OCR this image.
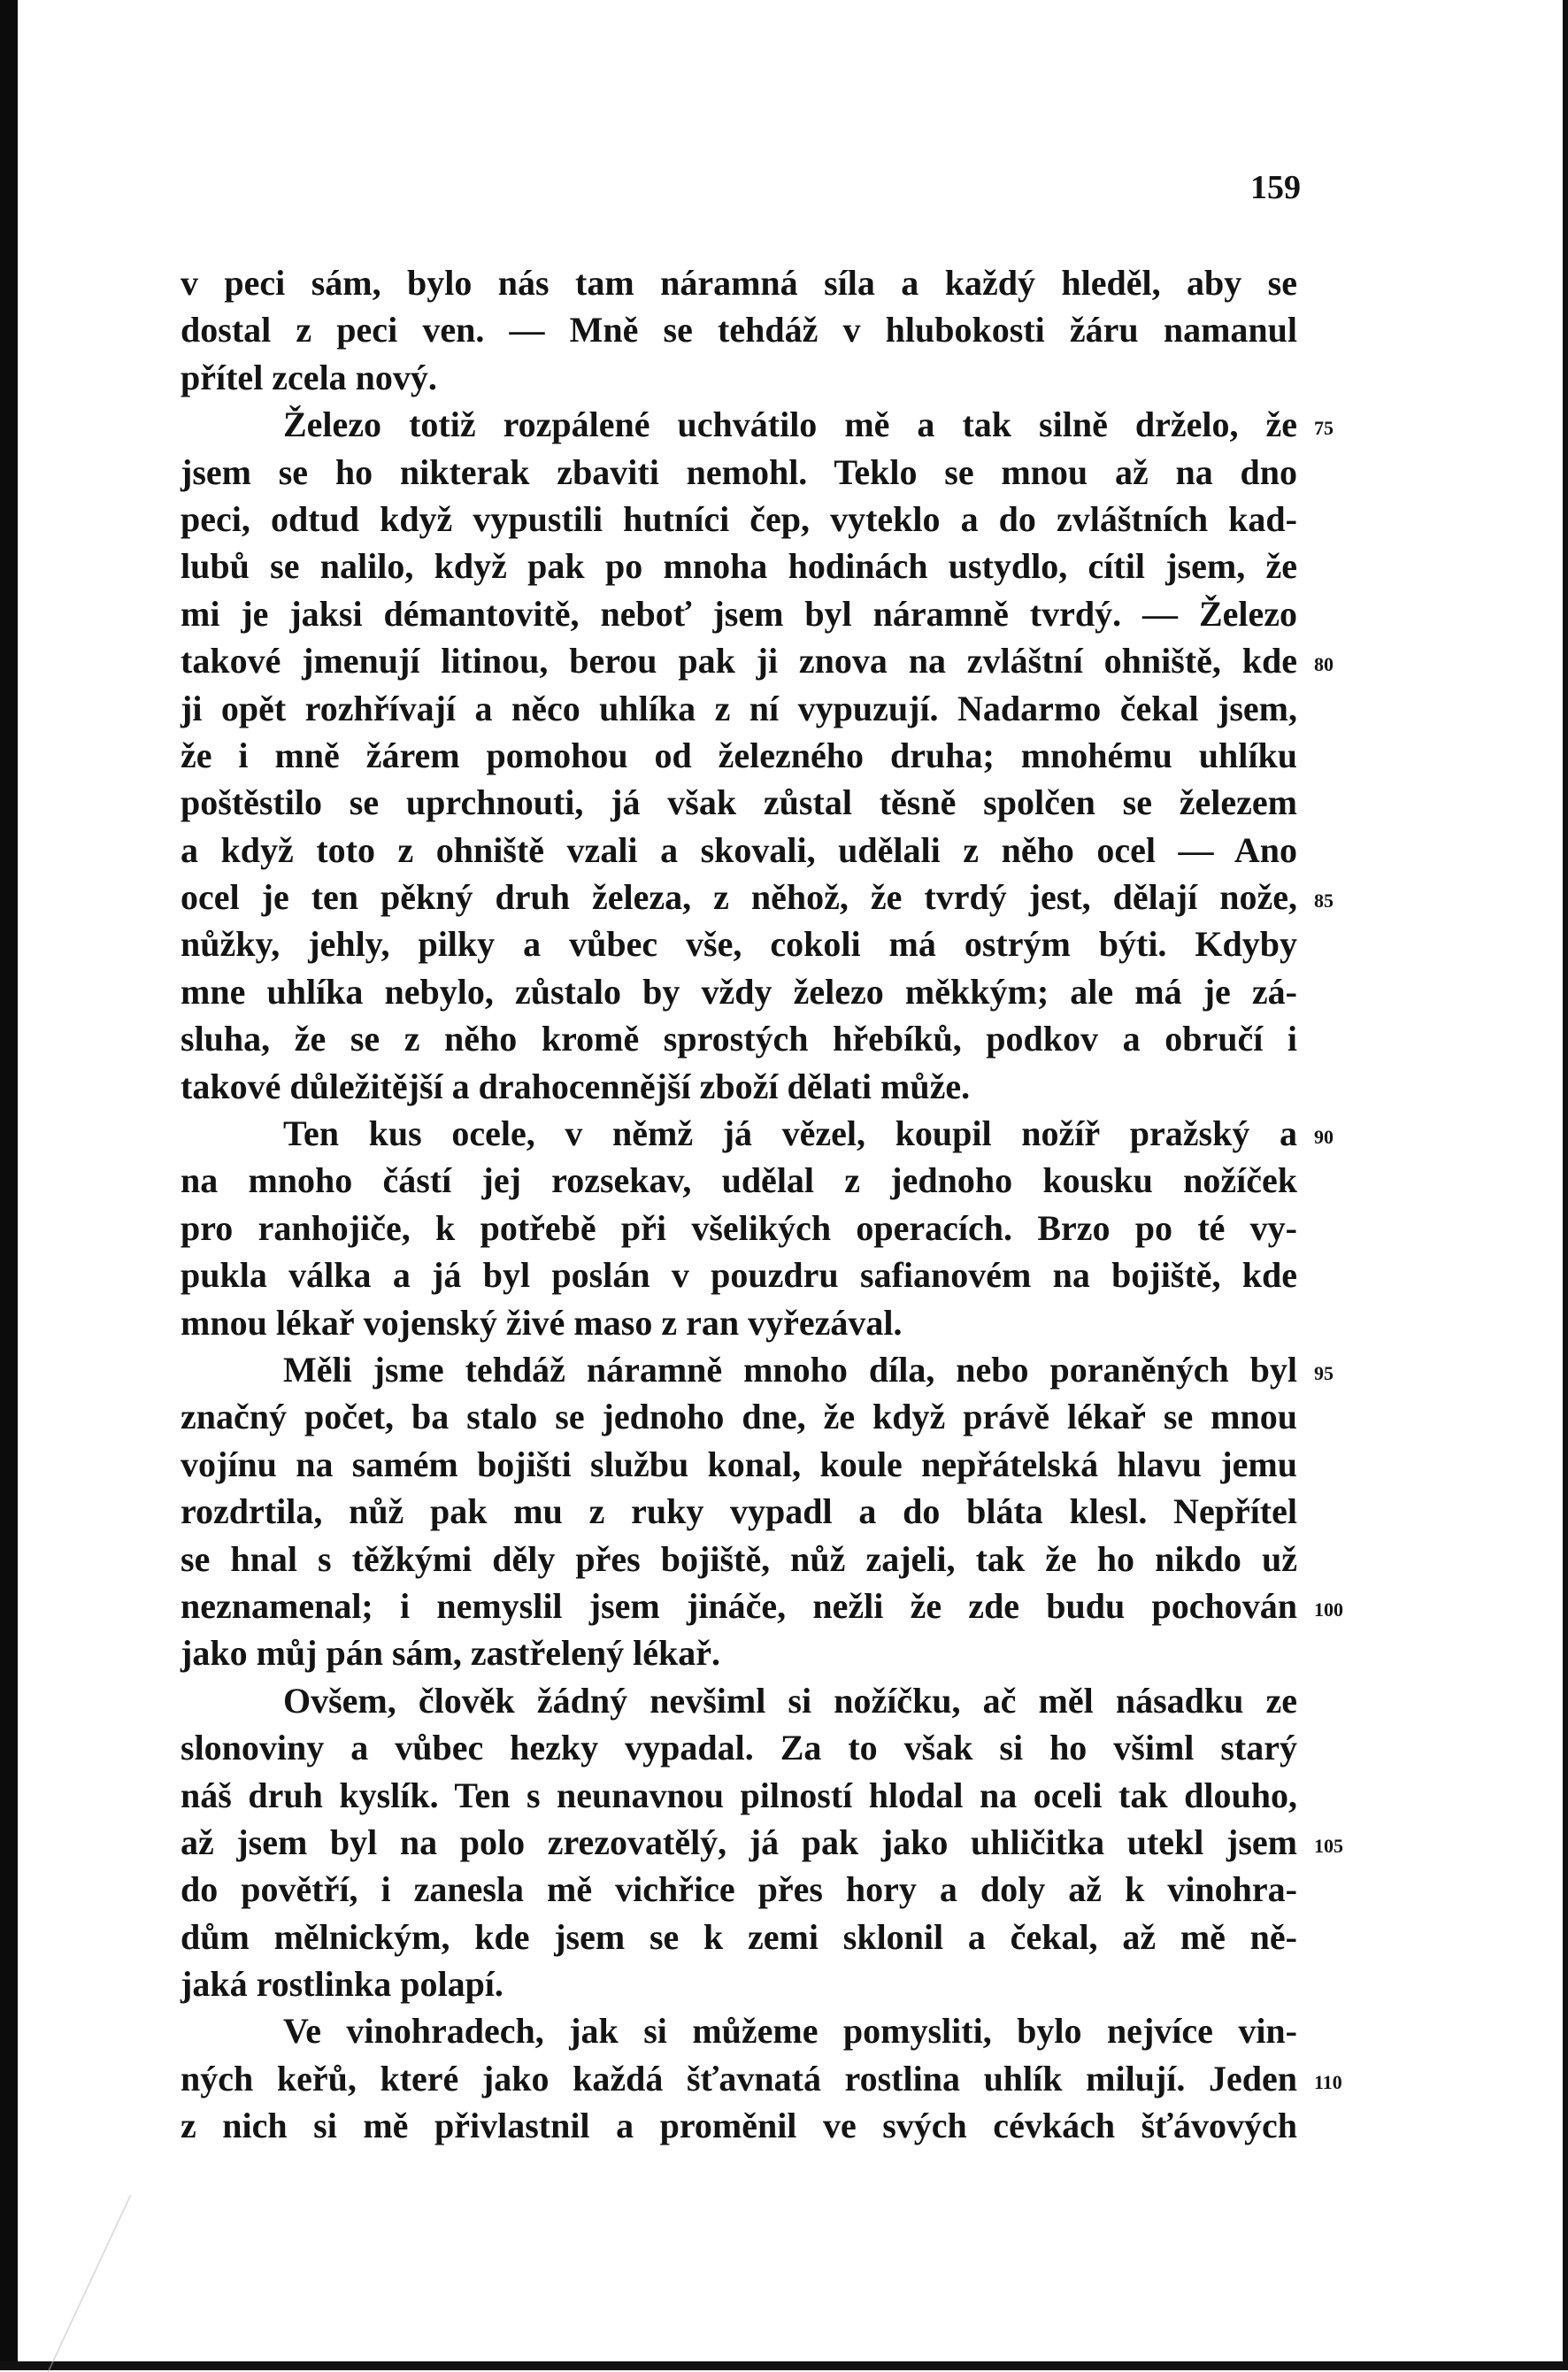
159
v peci sám, bylo nás tam náramná síla a každý hleděl, aby se
dostal z peci ven. — Mně se tehdáž v hlubokosti žáru namanul
přítel zcela nový.
Železo totiž rozpálené uchvátilo mě a tak silně drželo, že 75
jsem se ho nikterak zbaviti nemohl. Teklo se mnou až na dno
peci, odtud když vypustili hutníci čep, vyteklo a do zvláštních kad-
lubů se nalilo, když pak po mnoha hodinách ustydlo, cítil jsem, že
mi je jaksi démantovitě, neboť jsem byl náramně tvrdý. — Železo
takové jmenují litinou, berou pak ji znova na zvláštní ohniště, kde 80
ji opět rozhřívají a něco uhlíka z ní vypuzují. Nadarmo čekal jsem,
že i mně žárem pomohou od železného druha; mnohému uhlíku
poštěstilo se uprchnouti, já však zůstal těsně spolčen se železem
a když toto z ohniště vzali a skovali, udělali z něho ocel — Ano
ocel je ten pěkný druh železa, z něhož, že tvrdý jest, dělají nože, 85
nůžky, jehly, pilky a vůbec vše, cokoli má ostrým býti. Kdyby
mne uhlíka nebylo, zůstalo by vždy železo měkkým; ale má je zá-
sluha, že se z něho kromě sprostých hřebíků, podkov a obručí i
takové důležitější a drahocennější zboží dělati může.
Ten kus ocele, v němž já vězel, koupil nožíř pražský a 90
na mnoho částí jej rozsekav, udělal z jednoho kousku nožíček
pro ranhojiče, k potřebě při všelikých operacích. Brzo po té vy-
pukla válka a já byl poslán v pouzdru safianovém na bojiště, kde
mnou lékař vojenský živé maso z ran vyřezával.
Měli jsme tehdáž náramně mnoho díla, nebo poraněných byl 95
značný počet, ba stalo se jednoho dne, že když právě lékař se mnou
vojínu na samém bojišti službu konal, koule nepřátelská hlavu jemu
rozdrtila, nůž pak mu z ruky vypadl a do bláta klesl. Nepřítel
se hnal s těžkými děly přes bojiště, nůž zajeli, tak že ho nikdo už
neznamenal; i nemyslil jsem jináče, nežli že zde budu pochován 100
jako můj pán sám, zastřelený lékař.
Ovšem, člověk žádný nevšiml si nožíčku, ač měl násadku ze
slonoviny a vůbec hezky vypadal. Za to však si ho všiml starý
náš druh kyslík. Ten s neunavnou pilností hlodal na oceli tak dlouho,
až jsem byl na polo zrezovatělý, já pak jako uhličitka utekl jsem 105
do povětří, i zanesla mě vichřice přes hory a doly až k vinohra-
dům mělnickým, kde jsem se k zemi sklonil a čekal, až mě ně-
jaká rostlinka polapí.
Ve vinohradech, jak si můžeme pomysliti, bylo nejvíce vin-
ných keřů, které jako každá šťavnatá rostlina uhlík milují. Jeden 110
z nich si mě přivlastnil a proměnil ve svých cévkách šťávových
